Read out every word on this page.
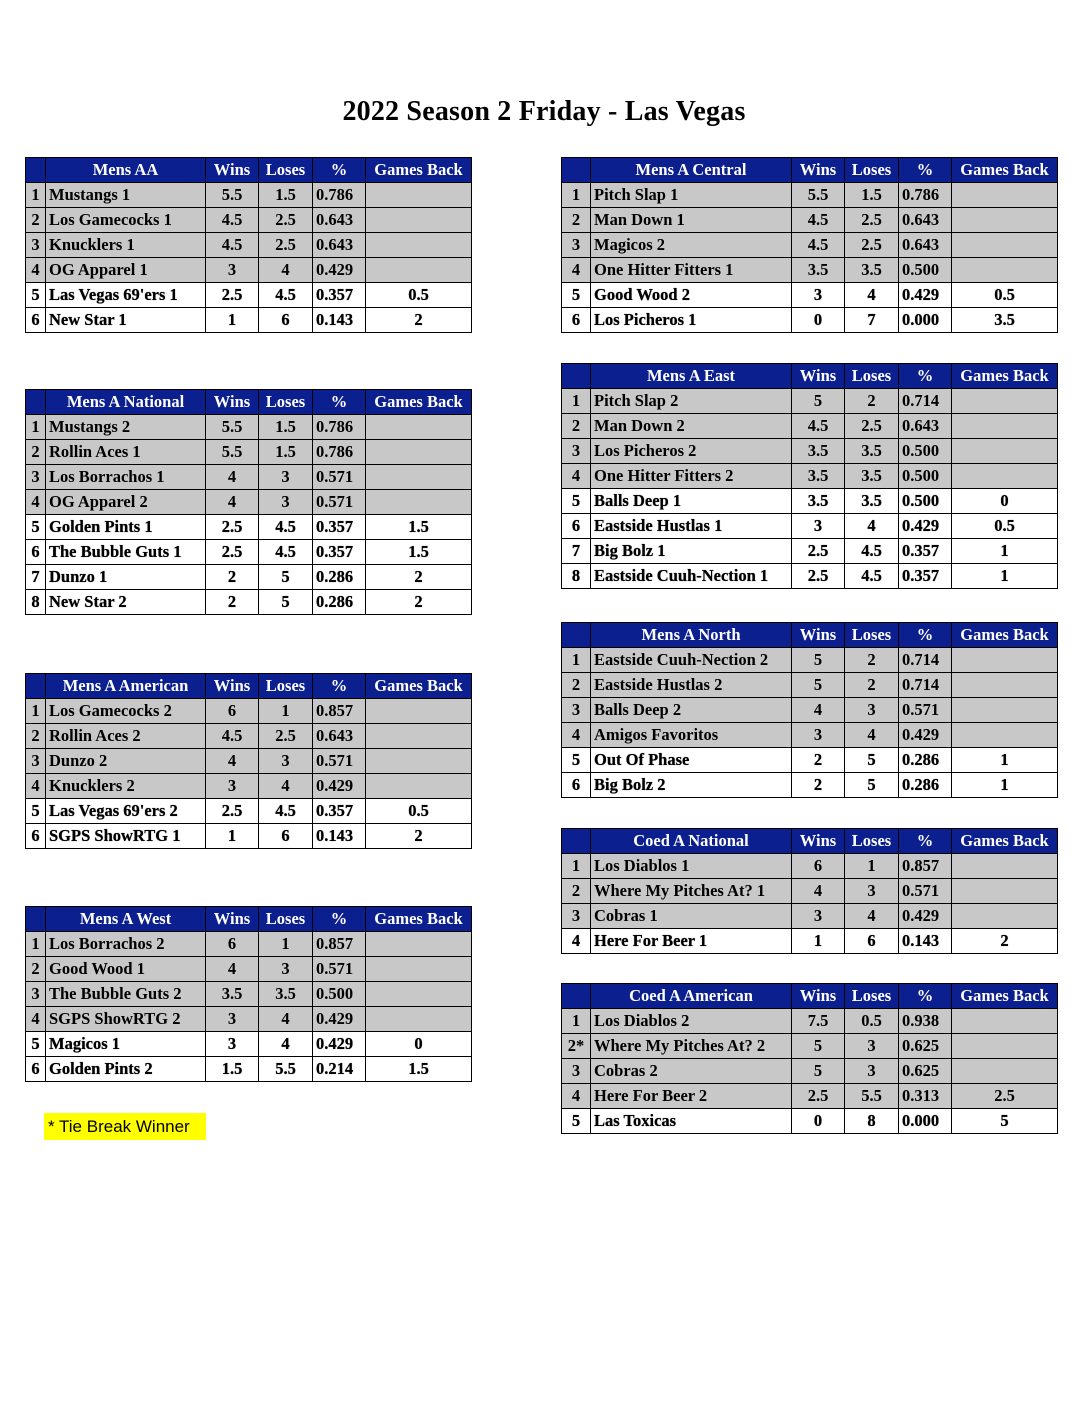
2022 Season 2 Friday - Las Vegas
	Mens AA	Wins	Loses	%	Games Back
1	Mustangs 1	5.5	1.5	0.786	
2	Los Gamecocks 1	4.5	2.5	0.643	
3	Knucklers 1	4.5	2.5	0.643	
4	OG Apparel 1	3	4	0.429	
5	Las Vegas 69'ers 1	2.5	4.5	0.357	0.5
6	New Star 1	1	6	0.143	2
	Mens A National	Wins	Loses	%	Games Back
1	Mustangs 2	5.5	1.5	0.786	
2	Rollin Aces 1	5.5	1.5	0.786	
3	Los Borrachos 1	4	3	0.571	
4	OG Apparel 2	4	3	0.571	
5	Golden Pints 1	2.5	4.5	0.357	1.5
6	The Bubble Guts 1	2.5	4.5	0.357	1.5
7	Dunzo 1	2	5	0.286	2
8	New Star 2	2	5	0.286	2
	Mens A American	Wins	Loses	%	Games Back
1	Los Gamecocks 2	6	1	0.857	
2	Rollin Aces 2	4.5	2.5	0.643	
3	Dunzo 2	4	3	0.571	
4	Knucklers 2	3	4	0.429	
5	Las Vegas 69'ers 2	2.5	4.5	0.357	0.5
6	SGPS ShowRTG 1	1	6	0.143	2
	Mens A West	Wins	Loses	%	Games Back
1	Los Borrachos 2	6	1	0.857	
2	Good Wood 1	4	3	0.571	
3	The Bubble Guts 2	3.5	3.5	0.500	
4	SGPS ShowRTG 2	3	4	0.429	
5	Magicos 1	3	4	0.429	0
6	Golden Pints 2	1.5	5.5	0.214	1.5
	Mens A Central	Wins	Loses	%	Games Back
1	Pitch Slap 1	5.5	1.5	0.786	
2	Man Down 1	4.5	2.5	0.643	
3	Magicos 2	4.5	2.5	0.643	
4	One Hitter Fitters 1	3.5	3.5	0.500	
5	Good Wood 2	3	4	0.429	0.5
6	Los Picheros 1	0	7	0.000	3.5
	Mens A East	Wins	Loses	%	Games Back
1	Pitch Slap 2	5	2	0.714	
2	Man Down 2	4.5	2.5	0.643	
3	Los Picheros 2	3.5	3.5	0.500	
4	One Hitter Fitters 2	3.5	3.5	0.500	
5	Balls Deep 1	3.5	3.5	0.500	0
6	Eastside Hustlas 1	3	4	0.429	0.5
7	Big Bolz 1	2.5	4.5	0.357	1
8	Eastside Cuuh-Nection 1	2.5	4.5	0.357	1
	Mens A North	Wins	Loses	%	Games Back
1	Eastside Cuuh-Nection 2	5	2	0.714	
2	Eastside Hustlas 2	5	2	0.714	
3	Balls Deep 2	4	3	0.571	
4	Amigos Favoritos	3	4	0.429	
5	Out Of Phase	2	5	0.286	1
6	Big Bolz 2	2	5	0.286	1
	Coed A National	Wins	Loses	%	Games Back
1	Los Diablos 1	6	1	0.857	
2	Where My Pitches At? 1	4	3	0.571	
3	Cobras 1	3	4	0.429	
4	Here For Beer 1	1	6	0.143	2
	Coed A American	Wins	Loses	%	Games Back
1	Los Diablos 2	7.5	0.5	0.938	
2*	Where My Pitches At? 2	5	3	0.625	
3	Cobras 2	5	3	0.625	
4	Here For Beer 2	2.5	5.5	0.313	2.5
5	Las Toxicas	0	8	0.000	5
* Tie Break Winner
